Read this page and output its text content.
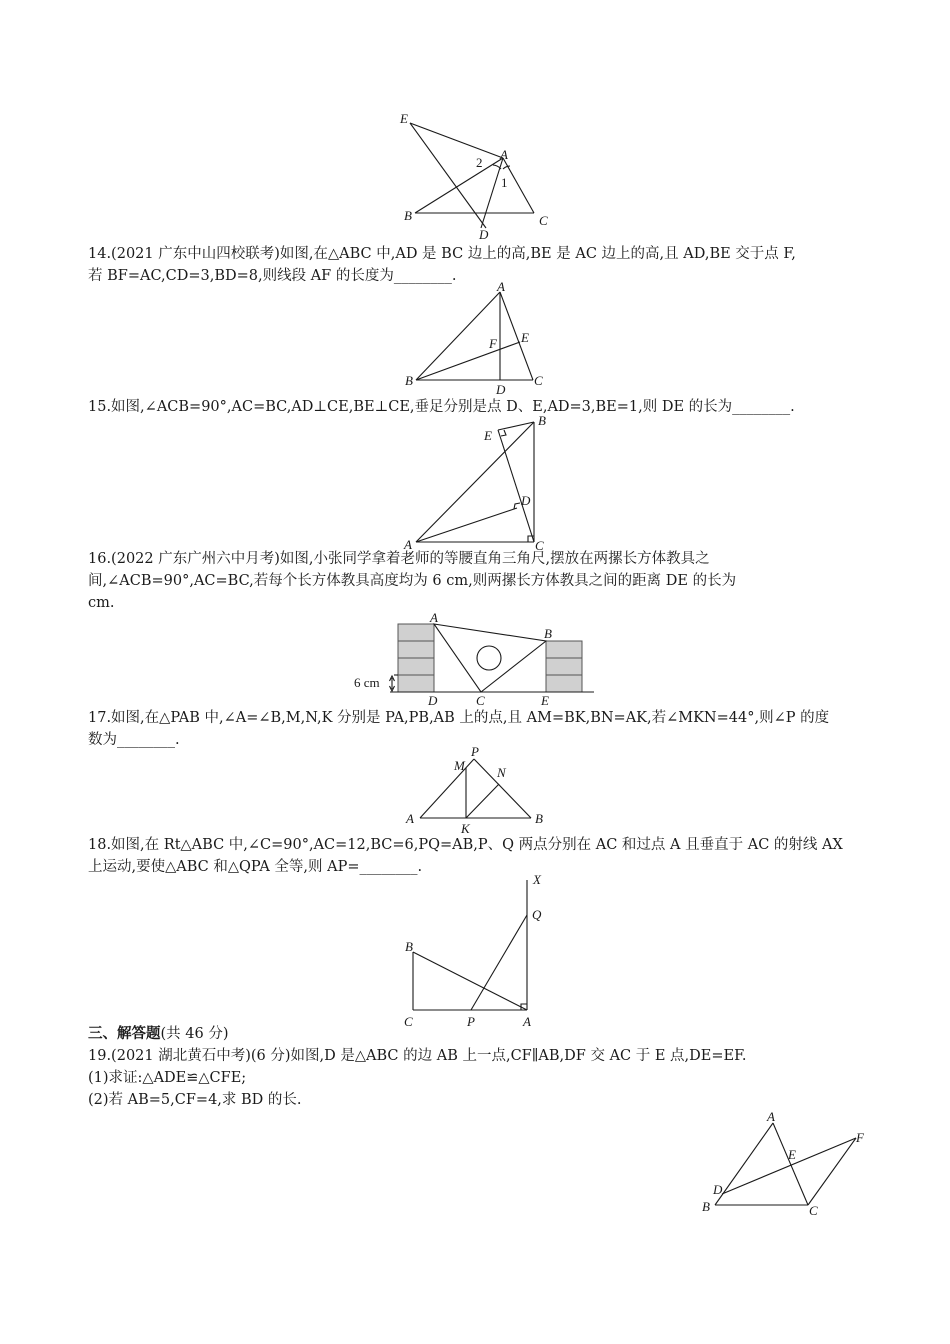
E
A
2
1
B	C
D
14.(2021 广东中山四校联考)如图,在△ABC 中,AD 是 BC 边上的高,BE 是 AC 边上的高,且 AD,BE 交于点 F,
若 BF=AC,CD=3,BD=8,则线段 AF 的长度为________.
A
E
F
B
D
C
15.如图,∠ACB=90°,AC=BC,AD⊥CE,BE⊥CE,垂足分别是点 D、E,AD=3,BE=1,则 DE 的长为________.
B
E
D
A	C
16.(2022 广东广州六中月考)如图,小张同学拿着老师的等腰直角三角尺,摆放在两摞长方体教具之
间,∠ACB=90°,AC=BC,若每个长方体教具高度均为 6 cm,则两摞长方体教具之间的距离 DE 的长为
cm.
A
B
6 cm
D	C	E
17.如图,在△PAB 中,∠A=∠B,M,N,K 分别是 PA,PB,AB 上的点,且 AM=BK,BN=AK,若∠MKN=44°,则∠P 的度
数为________.
P
M N
A
K
B
18.如图,在 Rt△ABC 中,∠C=90°,AC=12,BC=6,PQ=AB,P、Q 两点分别在 AC 和过点 A 且垂直于 AC 的射线 AX
上运动,要使△ABC 和△QPA 全等,则 AP=________.
X
Q
B
C	P	A
三、解答题(共 46 分)
19.(2021 湖北黄石中考)(6 分)如图,D 是△ABC 的边 AB 上一点,CF∥AB,DF 交 AC 于 E 点,DE=EF.
(1)求证:△ADE≌△CFE;
(2)若 AB=5,CF=4,求 BD 的长.
A
F
E
D
B	C
